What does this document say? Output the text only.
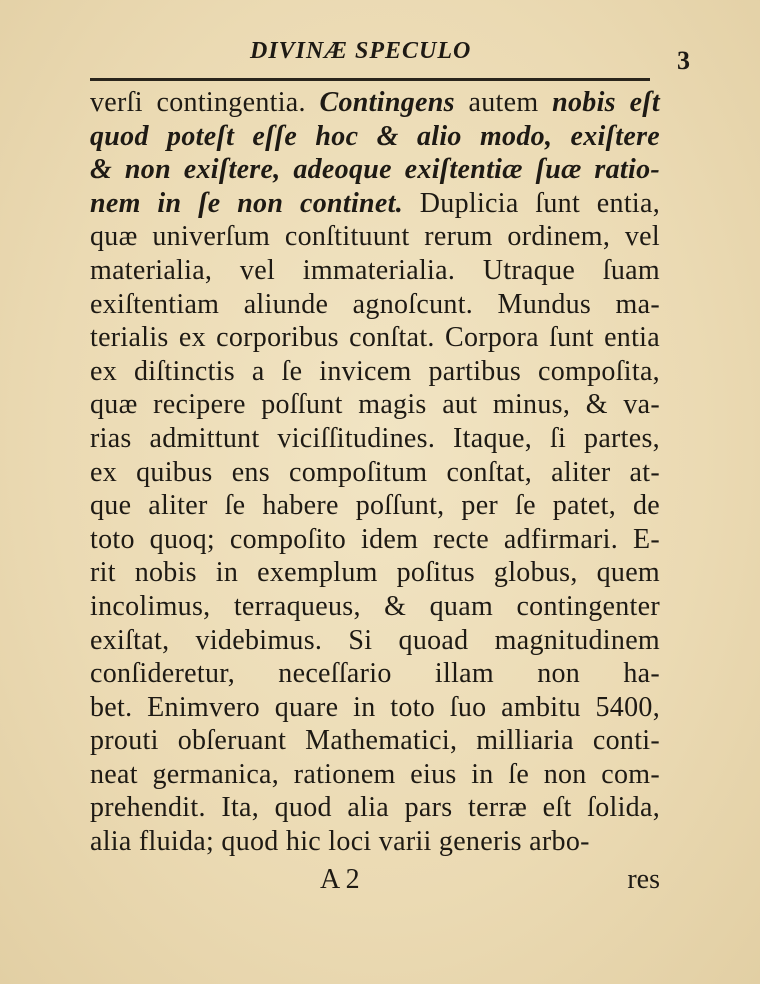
DIVINÆ SPECULO	3
verſi contingentia. Contingens autem nobis eſt
quod poteſt eſſe hoc & alio modo, exiſtere
& non exiſtere, adeoque exiſtentiæ ſuæ ratio-
nem in ſe non continet. Duplicia ſunt entia,
quæ univerſum conſtituunt rerum ordinem, vel
materialia, vel immaterialia. Utraque ſuam
exiſtentiam aliunde agnoſcunt. Mundus ma-
terialis ex corporibus conſtat. Corpora ſunt entia
ex diſtinctis a ſe invicem partibus compoſita,
quæ recipere poſſunt magis aut minus, & va-
rias admittunt viciſſitudines. Itaque, ſi partes,
ex quibus ens compoſitum conſtat, aliter at-
que aliter ſe habere poſſunt, per ſe patet, de
toto quoq; compoſito idem recte adfirmari. E-
rit nobis in exemplum poſitus globus, quem
incolimus, terraqueus, & quam contingenter
exiſtat, videbimus. Si quoad magnitudinem
conſideretur, neceſſario illam non ha-
bet. Enimvero quare in toto ſuo ambitu 5400,
prouti obſeruant Mathematici, milliaria conti-
neat germanica, rationem eius in ſe non com-
prehendit. Ita, quod alia pars terræ eſt ſolida,
alia fluida; quod hic loci varii generis arbo-
A 2	res
